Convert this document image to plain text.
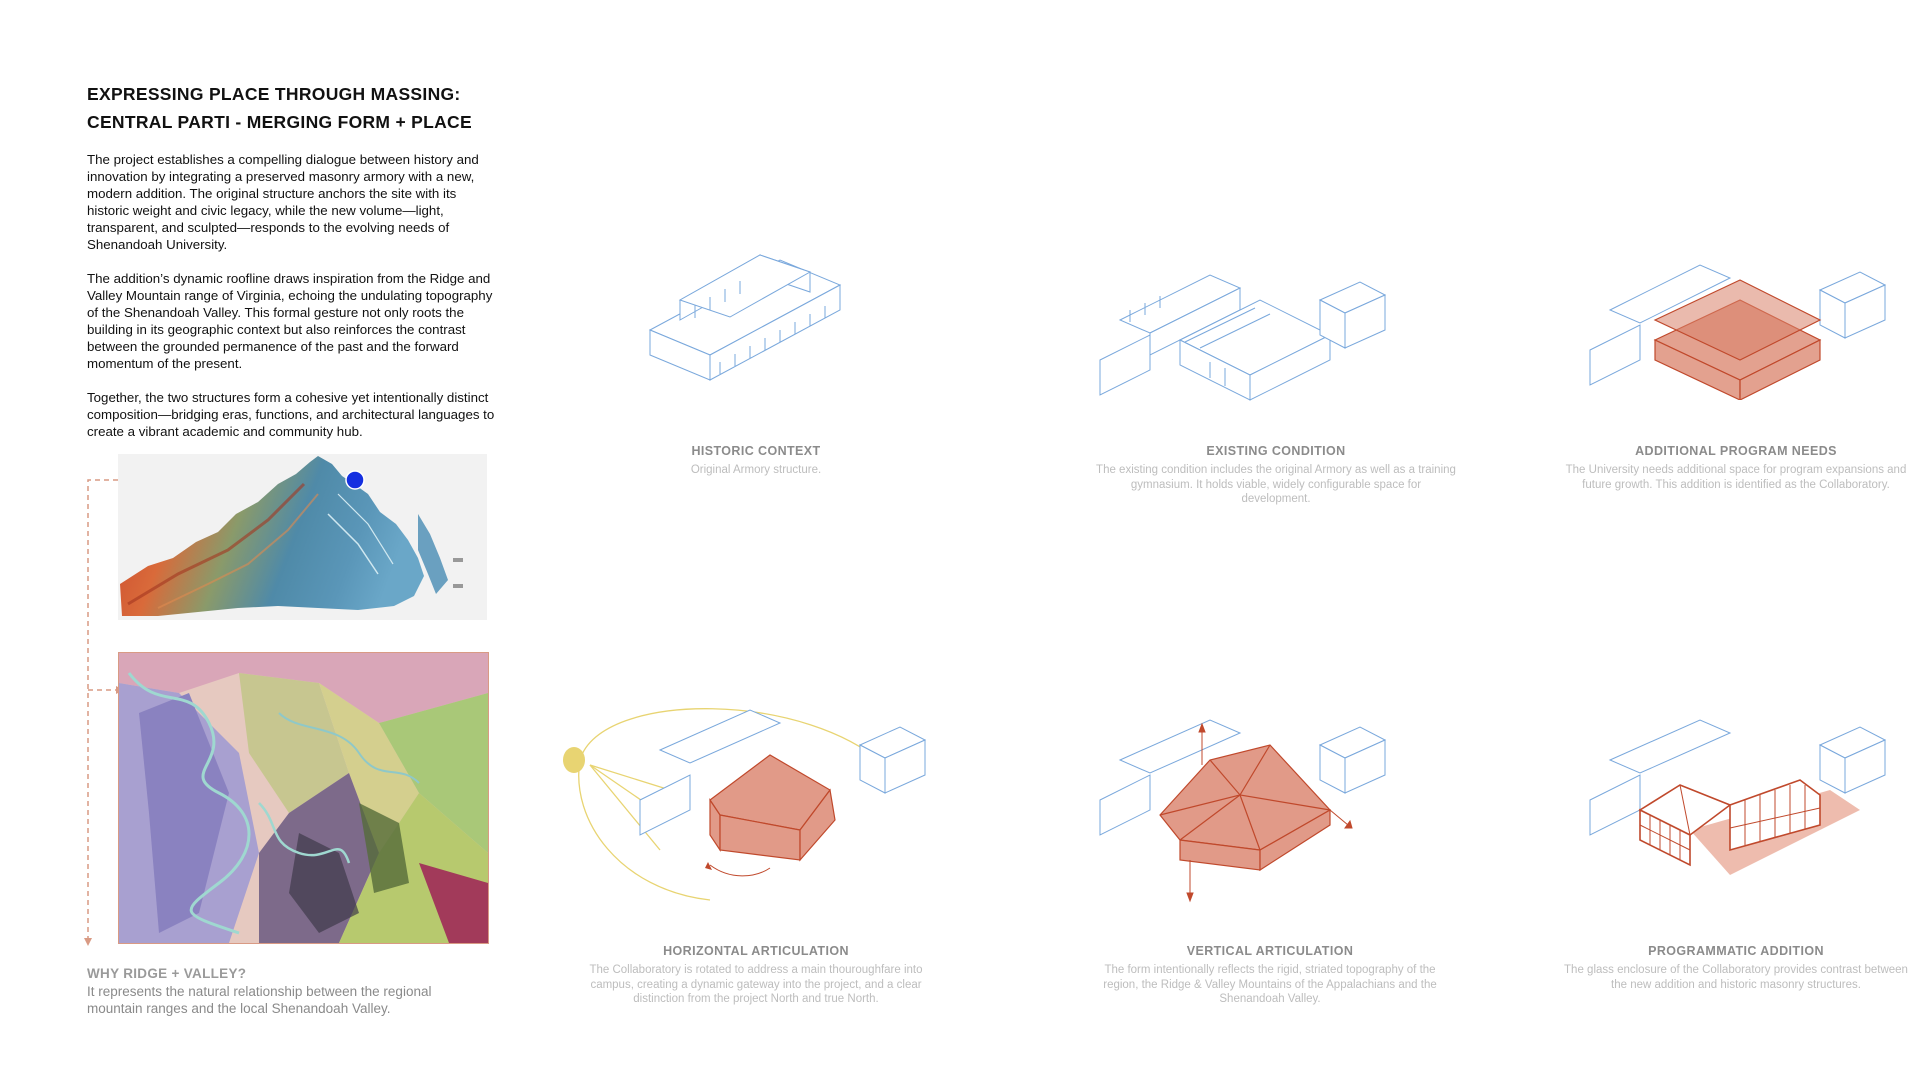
EXPRESSING PLACE THROUGH MASSING:
CENTRAL PARTI - MERGING FORM + PLACE

The project establishes a compelling dialogue between history and innovation by integrating a preserved masonry armory with a new, modern addition. The original structure anchors the site with its historic weight and civic legacy, while the new volume—light, transparent, and sculpted—responds to the evolving needs of Shenandoah University.

The addition’s dynamic roofline draws inspiration from the Ridge and Valley Mountain range of Virginia, echoing the undulating topography of the Shenandoah Valley. This formal gesture not only roots the building in its geographic context but also reinforces the contrast between the grounded permanence of the past and the forward momentum of the present.

Together, the two structures form a cohesive yet intentionally distinct composition—bridging eras, functions, and architectural languages to create a vibrant academic and community hub.

WHY RIDGE + VALLEY?
It represents the natural relationship between the regional mountain ranges and the local Shenandoah Valley.
HISTORIC CONTEXT
Original Armory structure.
EXISTING CONDITION
The existing condition includes the original Armory as well as a training gymnasium. It holds viable, widely configurable space for development.
ADDITIONAL PROGRAM NEEDS
The University needs additional space for program expansions and future growth. This addition is identified as the Collaboratory.
HORIZONTAL ARTICULATION
The Collaboratory is rotated to address a main thouroughfare into campus, creating a dynamic gateway into the project, and a clear distinction from the project North and true North.
VERTICAL ARTICULATION
The form intentionally reflects the rigid, striated topography of the region, the Ridge & Valley Mountains of the Appalachians and the Shenandoah Valley.
PROGRAMMATIC ADDITION
The glass enclosure of the Collaboratory provides contrast between the new addition and historic masonry structures.
